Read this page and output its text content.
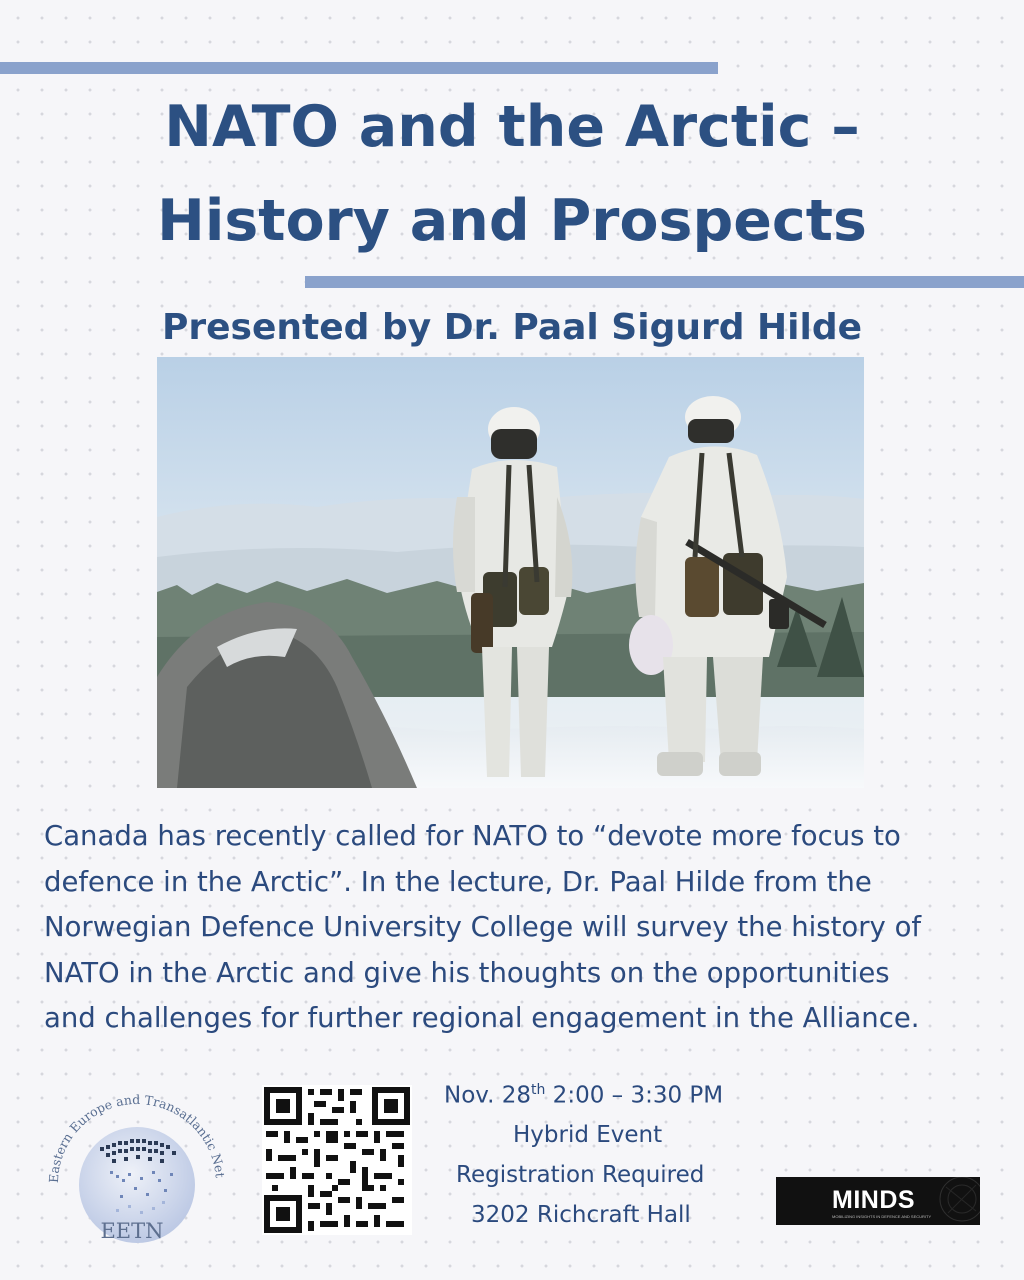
NATO and the Arctic –
History and Prospects
Presented by Dr. Paal Sigurd Hilde

Canada has recently called for NATO to “devote more focus to
defence in the Arctic”. In the lecture, Dr. Paal Hilde from the
Norwegian Defence University College will survey the history of
NATO in the Arctic and give his thoughts on the opportunities
and challenges for further regional engagement in the Alliance.

Eastern Europe and Transatlantic Net
EETN
Nov. 28th 2:00 – 3:30 PM
Hybrid Event
Registration Required
3202 Richcraft Hall
MINDS
MOBILIZING INSIGHTS IN DEFENCE AND SECURITY
